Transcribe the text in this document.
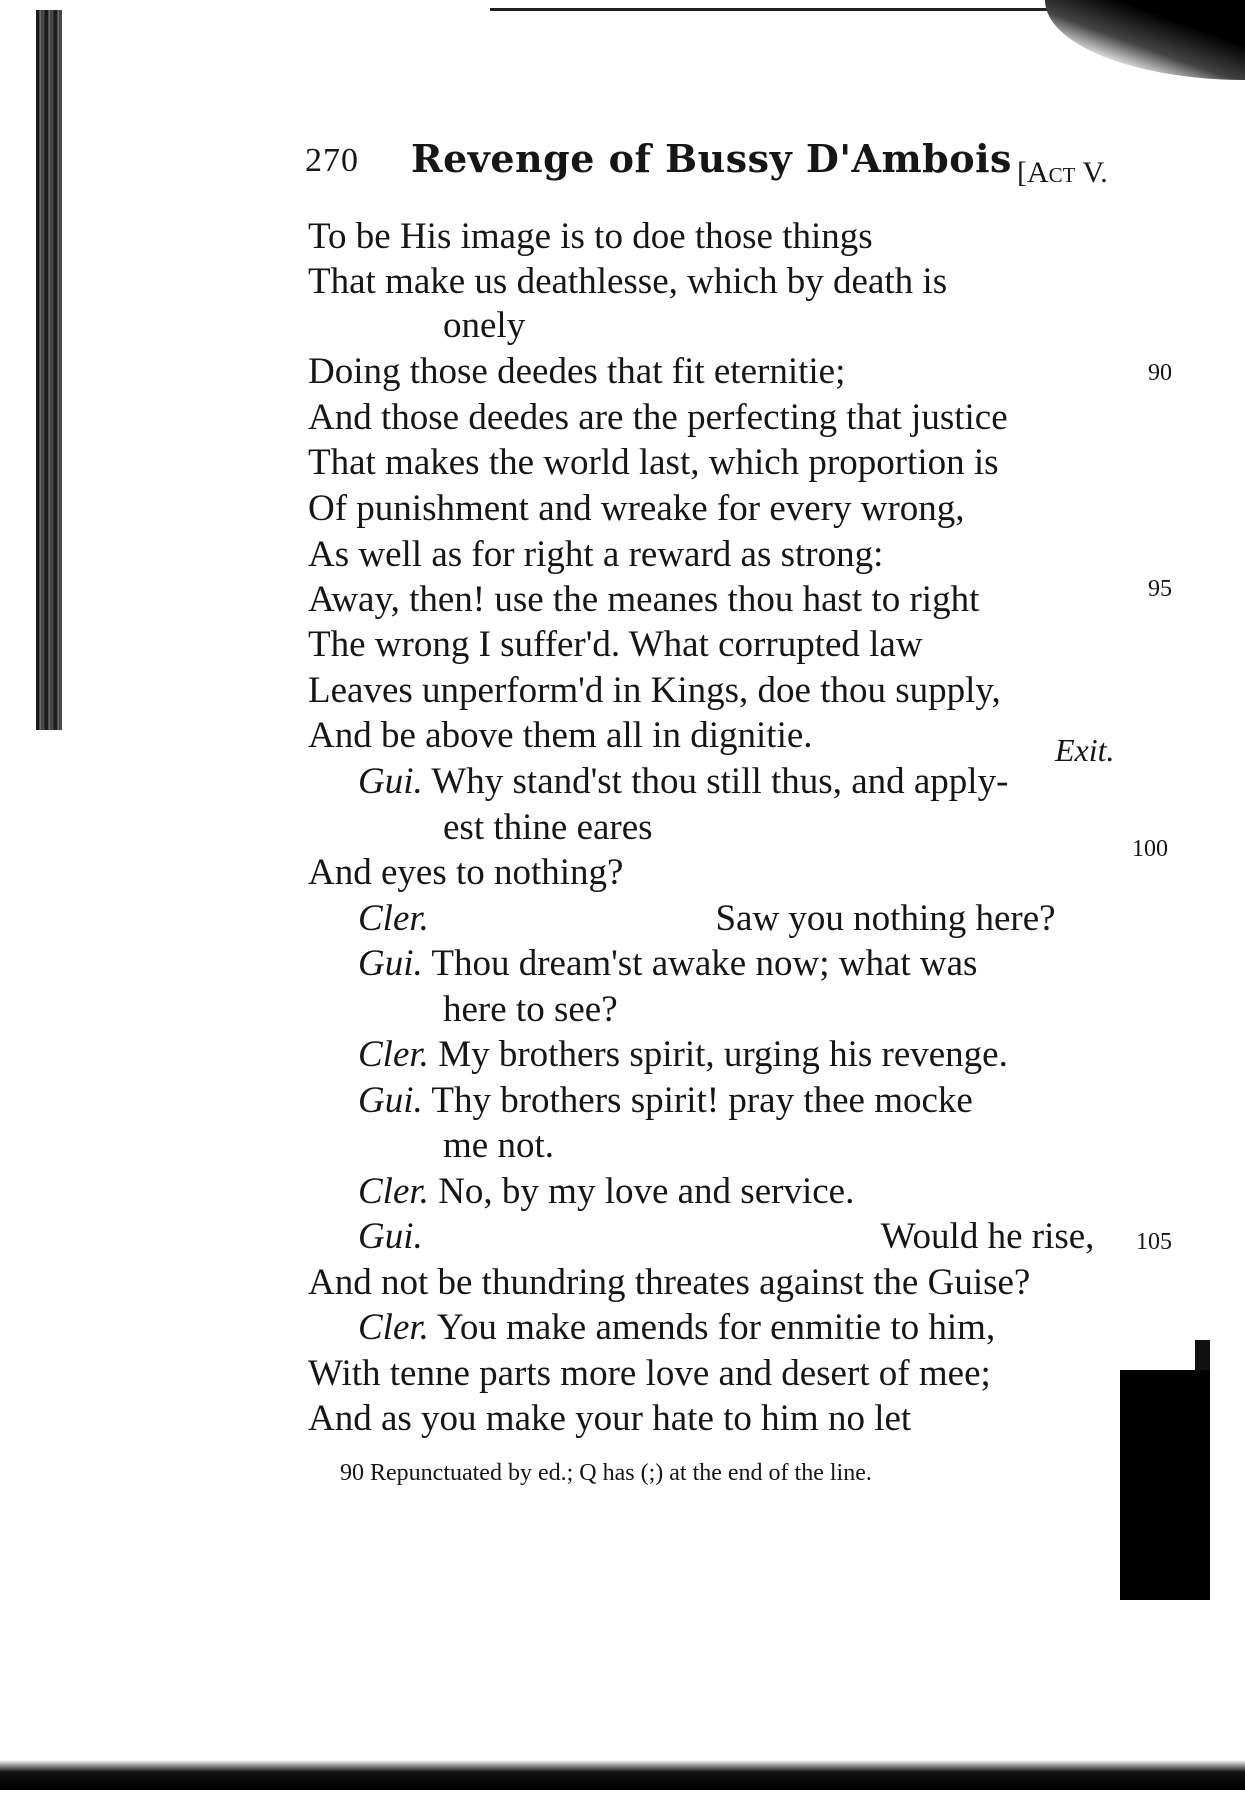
270 Revenge of Bussy D'Ambois [Act V.
To be His image is to doe those things
That make us deathlesse, which by death is
onely
Doing those deedes that fit eternitie;	90
And those deedes are the perfecting that justice
That makes the world last, which proportion is
Of punishment and wreake for every wrong,
As well as for right a reward as strong:
Away, then! use the meanes thou hast to right	95
The wrong I suffer'd. What corrupted law
Leaves unperform'd in Kings, doe thou supply,
And be above them all in dignitie.	Exit.
Gui. Why stand'st thou still thus, and apply-
est thine eares
100
And eyes to nothing?
Cler.	Saw you nothing here?
Gui. Thou dream'st awake now; what was
here to see?
Cler. My brothers spirit, urging his revenge.
Gui. Thy brothers spirit! pray thee mocke
me not.
Cler. No, by my love and service.
Gui.	Would he rise, 105
And not be thundring threates against the Guise?
Cler. You make amends for enmitie to him,
With tenne parts more love and desert of mee;
And as you make your hate to him no let
90 Repunctuated by ed.; Q has (;) at the end of the line.
